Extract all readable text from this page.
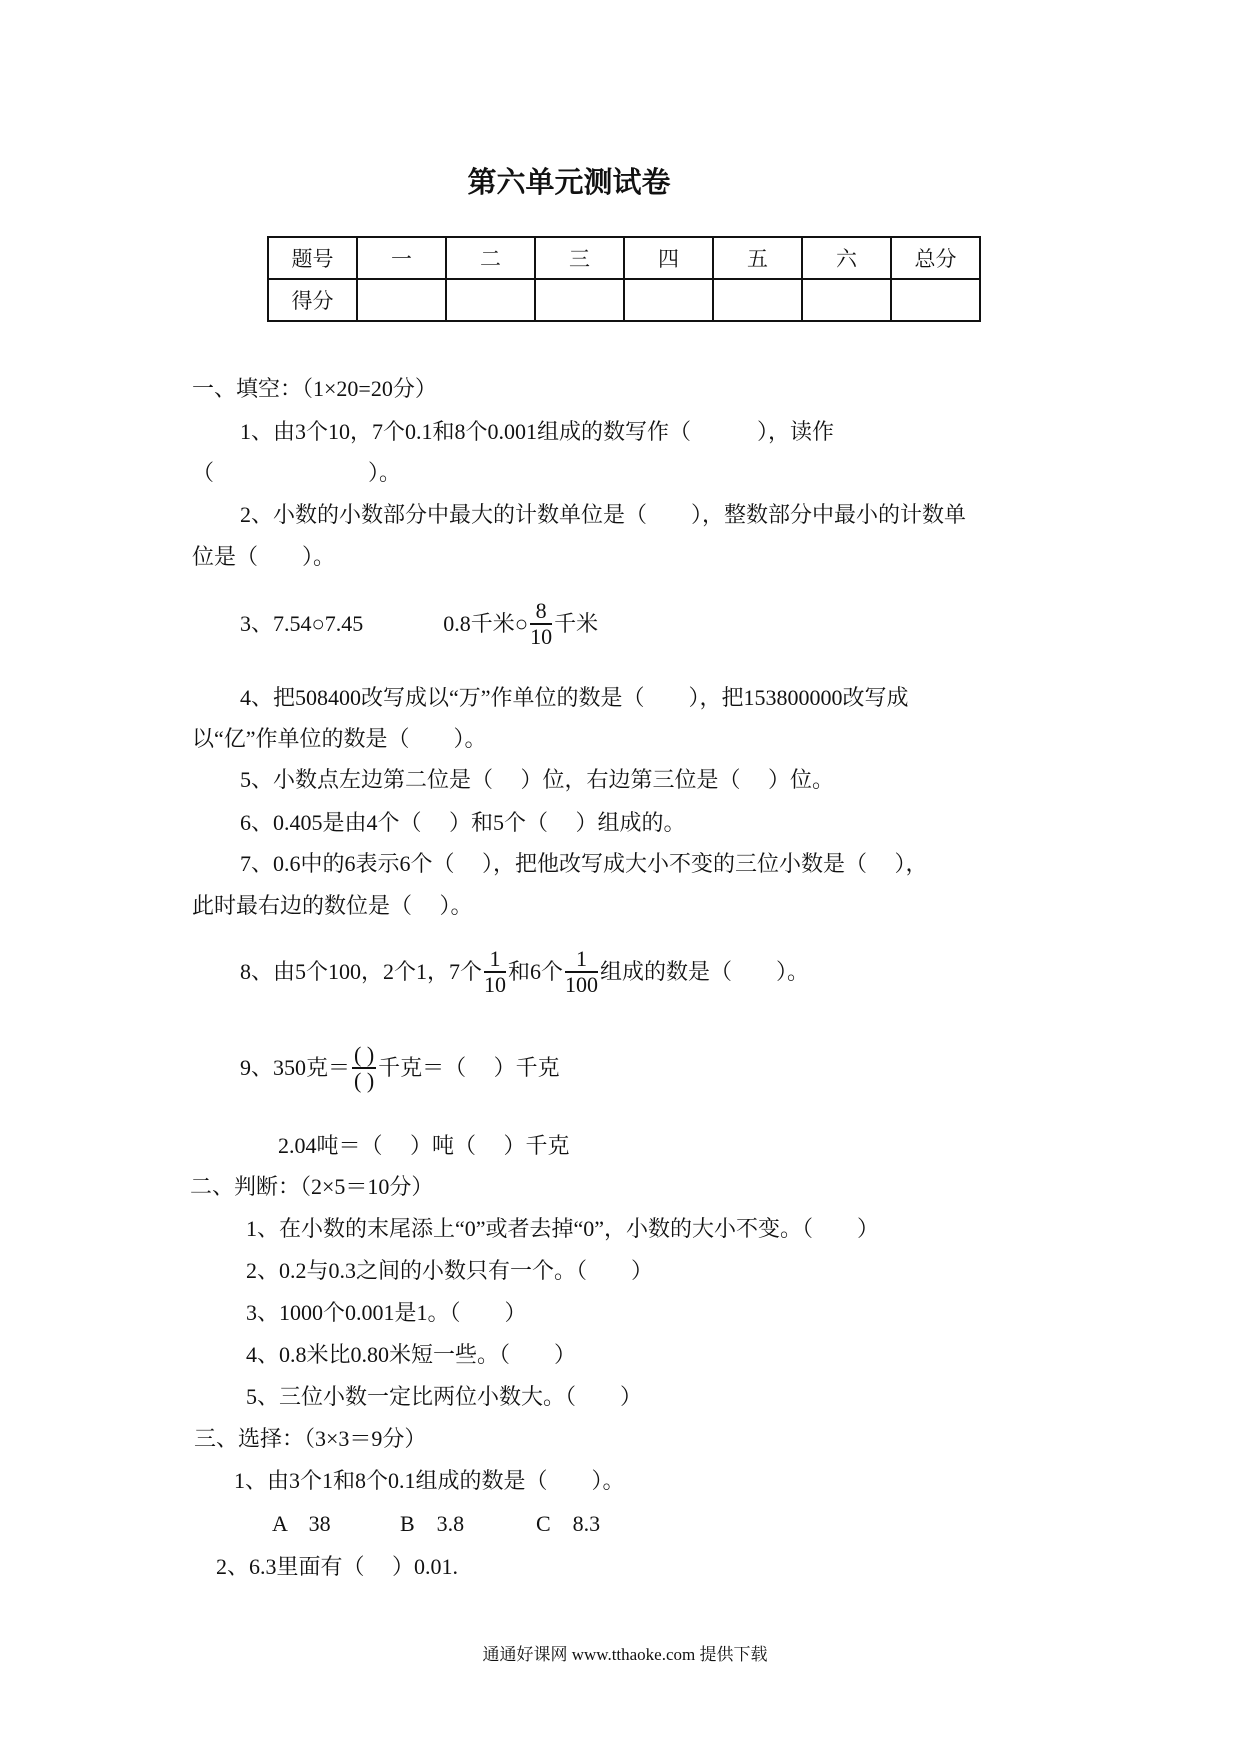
第六单元测试卷
题号	一	二	三	四	五	六	总分
得分							
一、填空：（1×20=20分）
1、由3个10，7个0.1和8个0.001组成的数写作（　　　），读作
（　　　　　　　）。
2、小数的小数部分中最大的计数单位是（　　），整数部分中最小的计数单
位是（　　）。
3、7.54○7.45	0.8千米○ $\frac{8}{10}$ 千米
4、把508400改写成以“万”作单位的数是（　　），把153800000改写成
以“亿”作单位的数是（　　）。
5、小数点左边第二位是（　 ）位，右边第三位是（　 ）位。
6、0.405是由4个（　 ）和5个（　 ）组成的。
7、0.6中的6表示6个（　 ），把他改写成大小不变的三位小数是（　 ），
此时最右边的数位是（　 ）。
8、由5个100，2个1，7个 $\frac{1}{10}$ 和6个 $\frac{1}{100}$ 组成的数是（　　）。
9、350克＝ $\frac{( )}{( )}$ 千克＝（　 ）千克
2.04吨＝（　 ）吨（　 ）千克
二、判断：（2×5＝10分）
1、在小数的末尾添上“0”或者去掉“0”，小数的大小不变。（　　）
2、0.2与0.3之间的小数只有一个。（　　）
3、1000个0.001是1。（　　）
4、0.8米比0.80米短一些。（　　）
5、三位小数一定比两位小数大。（　　）
三、选择：（3×3＝9分）
1、由3个1和8个0.1组成的数是（　　）。
A　38	B　3.8	C　8.3
2、6.3里面有（　 ）0.01.
通通好课网 www.tthaoke.com 提供下载
